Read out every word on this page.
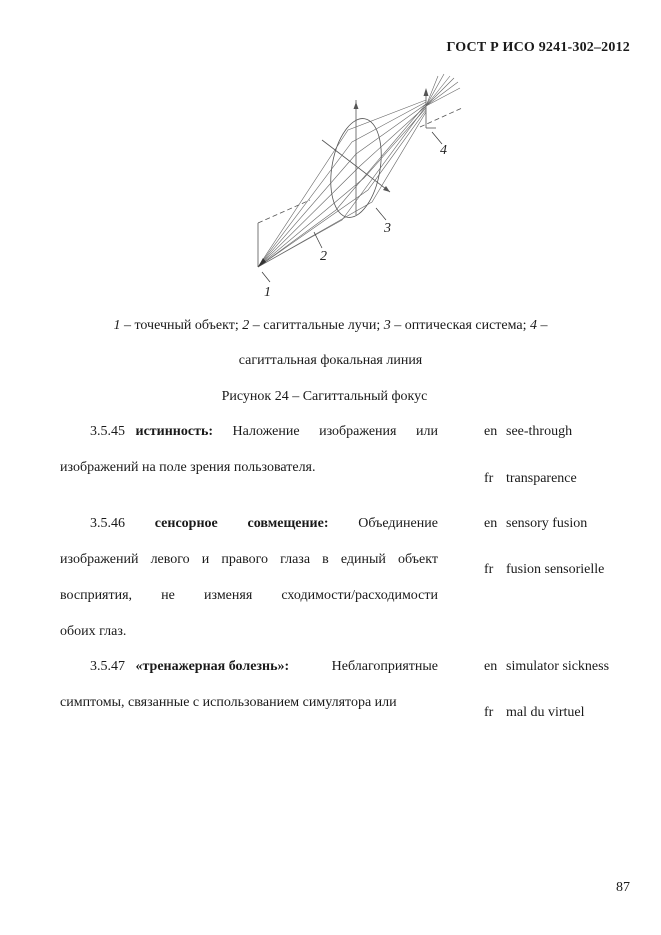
ГОСТ Р ИСО 9241-302–2012
1
2
3
4
1 – точечный объект; 2 – сагиттальные лучи; 3 – оптическая система; 4 –
сагиттальная фокальная линия
Рисунок 24 – Сагиттальный фокус
3.5.45 истинность: Наложение изображения или
изображений на поле зрения пользователя.
en see-through
fr transparence
3.5.46 сенсорное совмещение: Объединение
изображений левого и правого глаза в единый объект
восприятия, не изменяя сходимости/расходимости
обоих глаз.
en sensory fusion
fr fusion sensorielle
3.5.47 «тренажерная болезнь»:	Неблагоприятные
симптомы, связанные с использованием симулятора или
en simulator sickness
fr mal du virtuel
87
